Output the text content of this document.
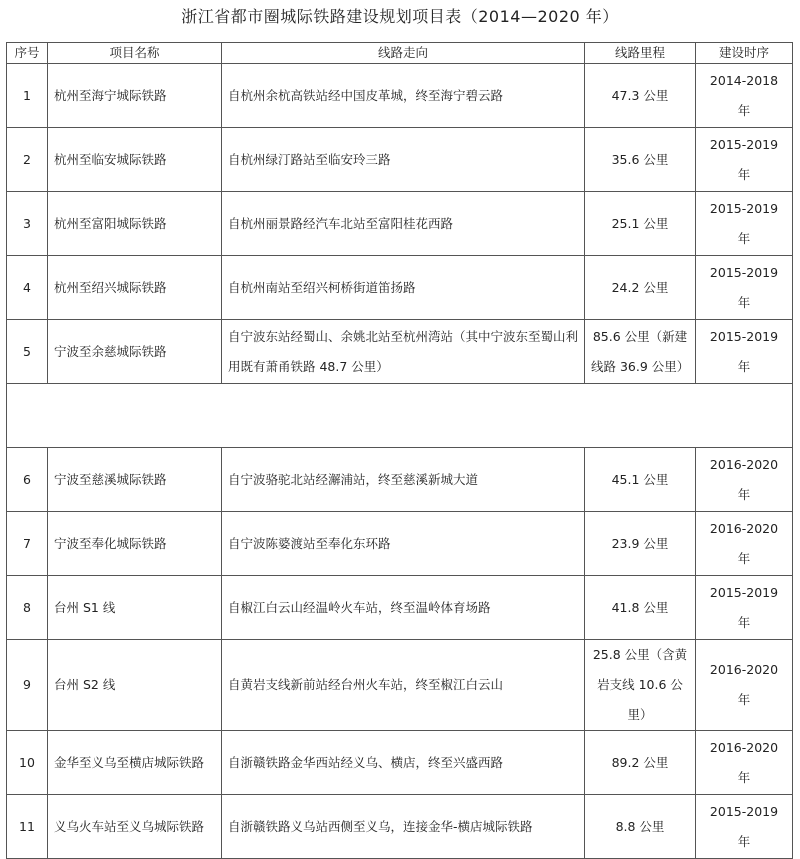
浙江省都市圈城际铁路建设规划项目表（2014—2020 年）
序号	项目名称	线路走向	线路里程	建设时序
1	杭州至海宁城际铁路	自杭州余杭高铁站经中国皮革城，终至海宁碧云路	47.3 公里	2014-2018 年
2	杭州至临安城际铁路	自杭州绿汀路站至临安玲三路	35.6 公里	2015-2019 年
3	杭州至富阳城际铁路	自杭州丽景路经汽车北站至富阳桂花西路	25.1 公里	2015-2019 年
4	杭州至绍兴城际铁路	自杭州南站至绍兴柯桥街道笛扬路	24.2 公里	2015-2019 年
5	宁波至余慈城际铁路	自宁波东站经蜀山、余姚北站至杭州湾站（其中宁波东至蜀山利用既有萧甬铁路 48.7 公里）	85.6 公里（新建线路 36.9 公里）	2015-2019 年

6	宁波至慈溪城际铁路	自宁波骆驼北站经澥浦站，终至慈溪新城大道	45.1 公里	2016-2020 年
7	宁波至奉化城际铁路	自宁波陈婆渡站至奉化东环路	23.9 公里	2016-2020 年
8	台州 S1 线	自椒江白云山经温岭火车站，终至温岭体育场路	41.8 公里	2015-2019 年
9	台州 S2 线	自黄岩支线新前站经台州火车站，终至椒江白云山	25.8 公里（含黄岩支线 10.6 公里）	2016-2020 年
10	金华至义乌至横店城际铁路	自浙赣铁路金华西站经义乌、横店，终至兴盛西路	89.2 公里	2016-2020 年
11	义乌火车站至义乌城际铁路	自浙赣铁路义乌站西侧至义乌，连接金华-横店城际铁路	8.8 公里	2015-2019 年
